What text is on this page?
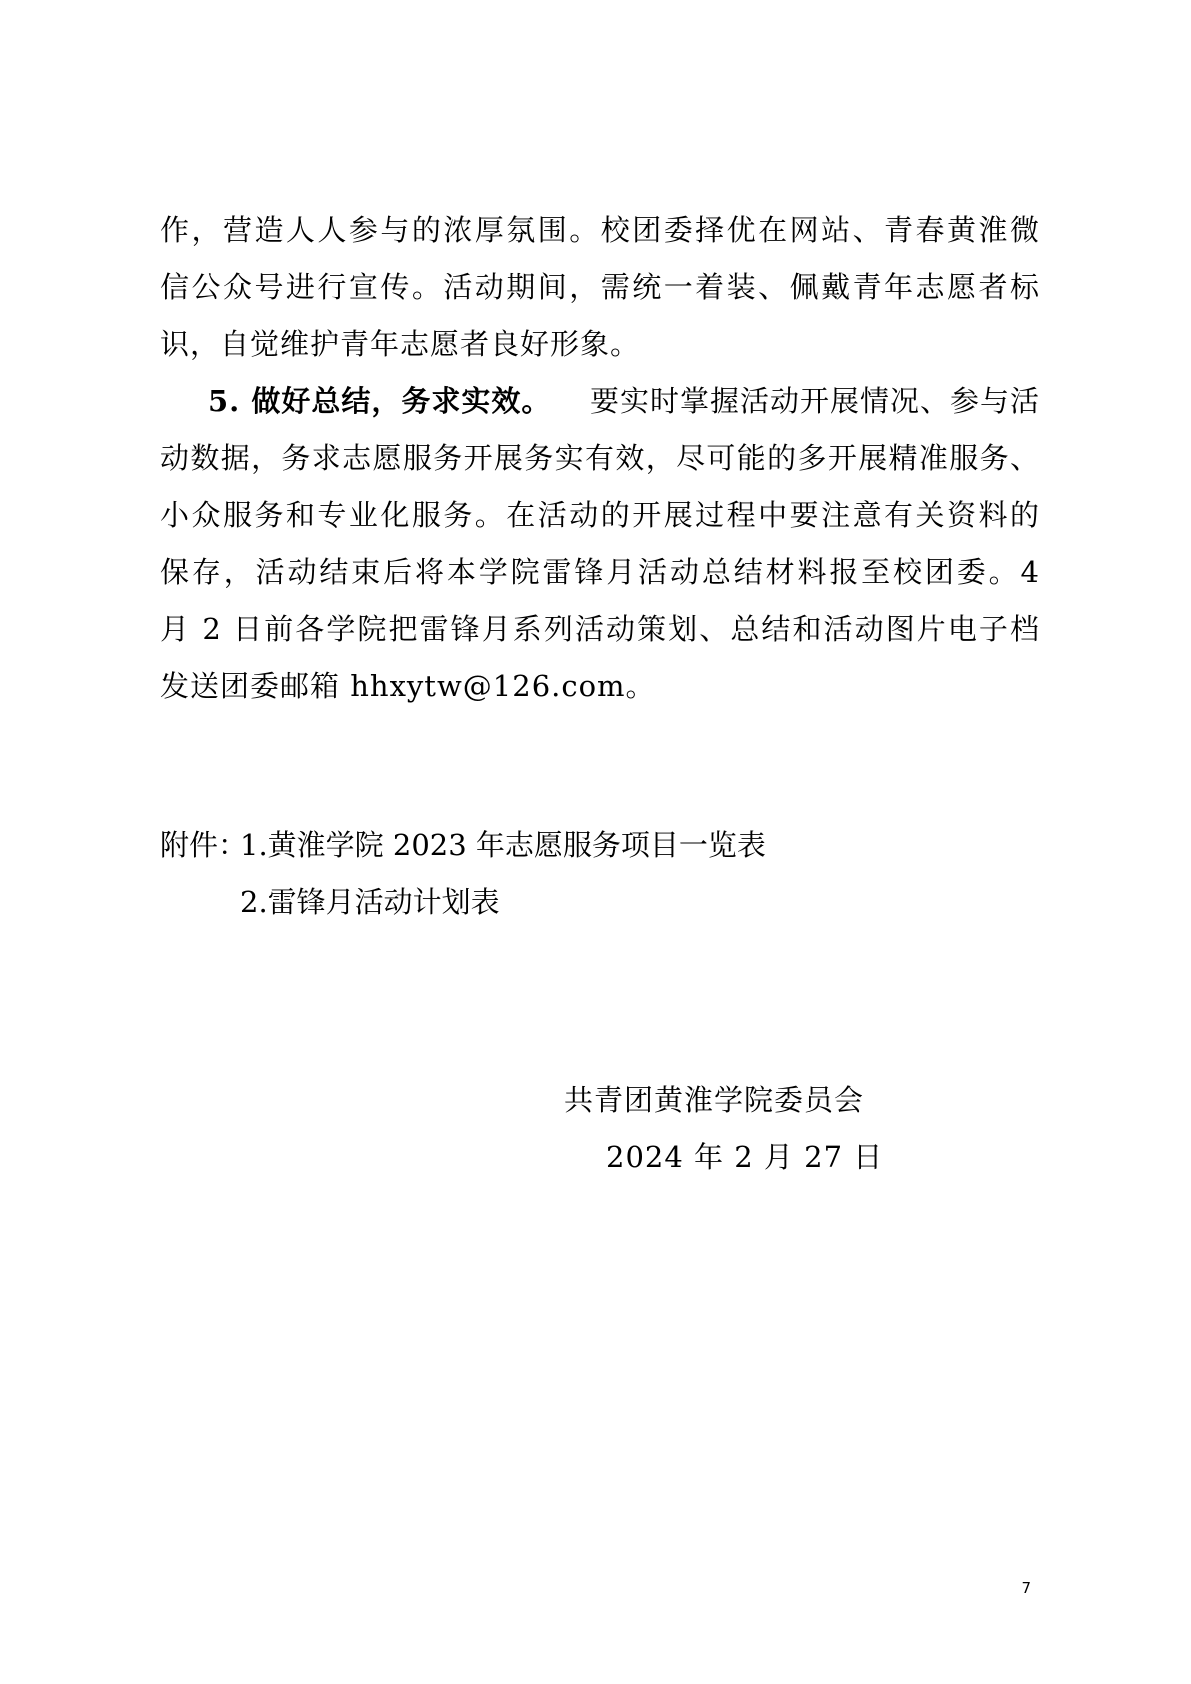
作，营造人人参与的浓厚氛围。校团委择优在网站、青春黄淮微
信公众号进行宣传。活动期间，需统一着装、佩戴青年志愿者标
识，自觉维护青年志愿者良好形象。
5. 做好总结，务求实效。 要实时掌握活动开展情况、参与活
动数据，务求志愿服务开展务实有效，尽可能的多开展精准服务、
小众服务和专业化服务。在活动的开展过程中要注意有关资料的
保存，活动结束后将本学院雷锋月活动总结材料报至校团委。4
月 2 日前各学院把雷锋月系列活动策划、总结和活动图片电子档
发送团委邮箱 hhxytw@126.com。
附件：
1.黄淮学院 2023 年志愿服务项目一览表
2.雷锋月活动计划表
共青团黄淮学院委员会
2024 年 2 月 27 日
7
